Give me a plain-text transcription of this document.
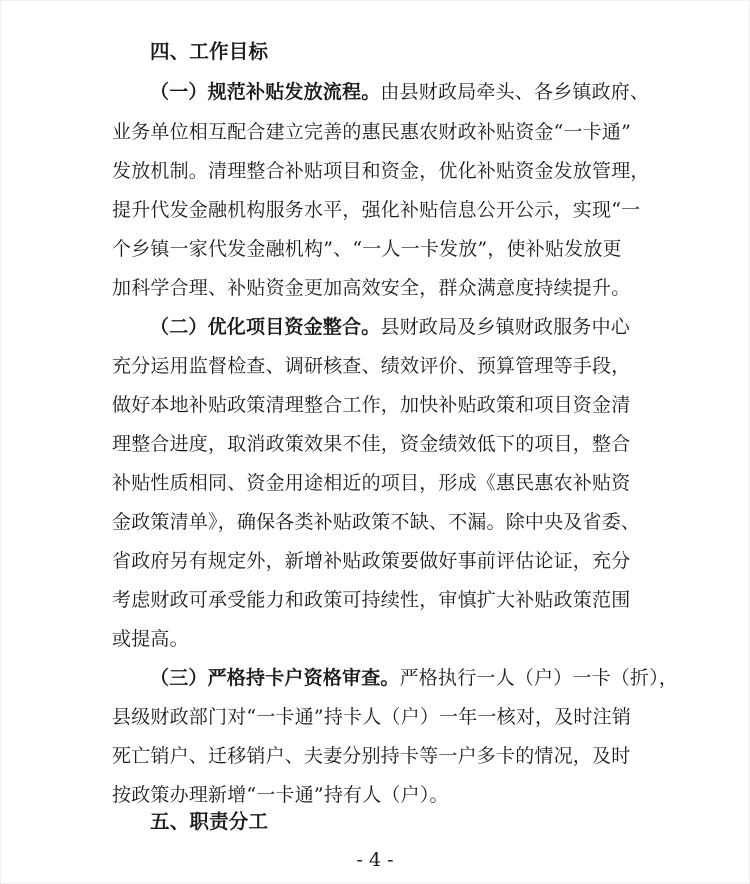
四、工作目标
（一）规范补贴发放流程。由县财政局牵头、各乡镇政府、
业务单位相互配合建立完善的惠民惠农财政补贴资金“一卡通”
发放机制。清理整合补贴项目和资金，优化补贴资金发放管理，
提升代发金融机构服务水平，强化补贴信息公开公示，实现“一
个乡镇一家代发金融机构”、“一人一卡发放”，使补贴发放更
加科学合理、补贴资金更加高效安全，群众满意度持续提升。
（二）优化项目资金整合。县财政局及乡镇财政服务中心
充分运用监督检查、调研核查、绩效评价、预算管理等手段，
做好本地补贴政策清理整合工作，加快补贴政策和项目资金清
理整合进度，取消政策效果不佳，资金绩效低下的项目，整合
补贴性质相同、资金用途相近的项目，形成《惠民惠农补贴资
金政策清单》，确保各类补贴政策不缺、不漏。除中央及省委、
省政府另有规定外，新增补贴政策要做好事前评估论证，充分
考虑财政可承受能力和政策可持续性，审慎扩大补贴政策范围
或提高。
（三）严格持卡户资格审查。严格执行一人（户）一卡（折），
县级财政部门对“一卡通”持卡人（户）一年一核对，及时注销
死亡销户、迁移销户、夫妻分别持卡等一户多卡的情况，及时
按政策办理新增“一卡通”持有人（户）。
五、职责分工
- 4 -
